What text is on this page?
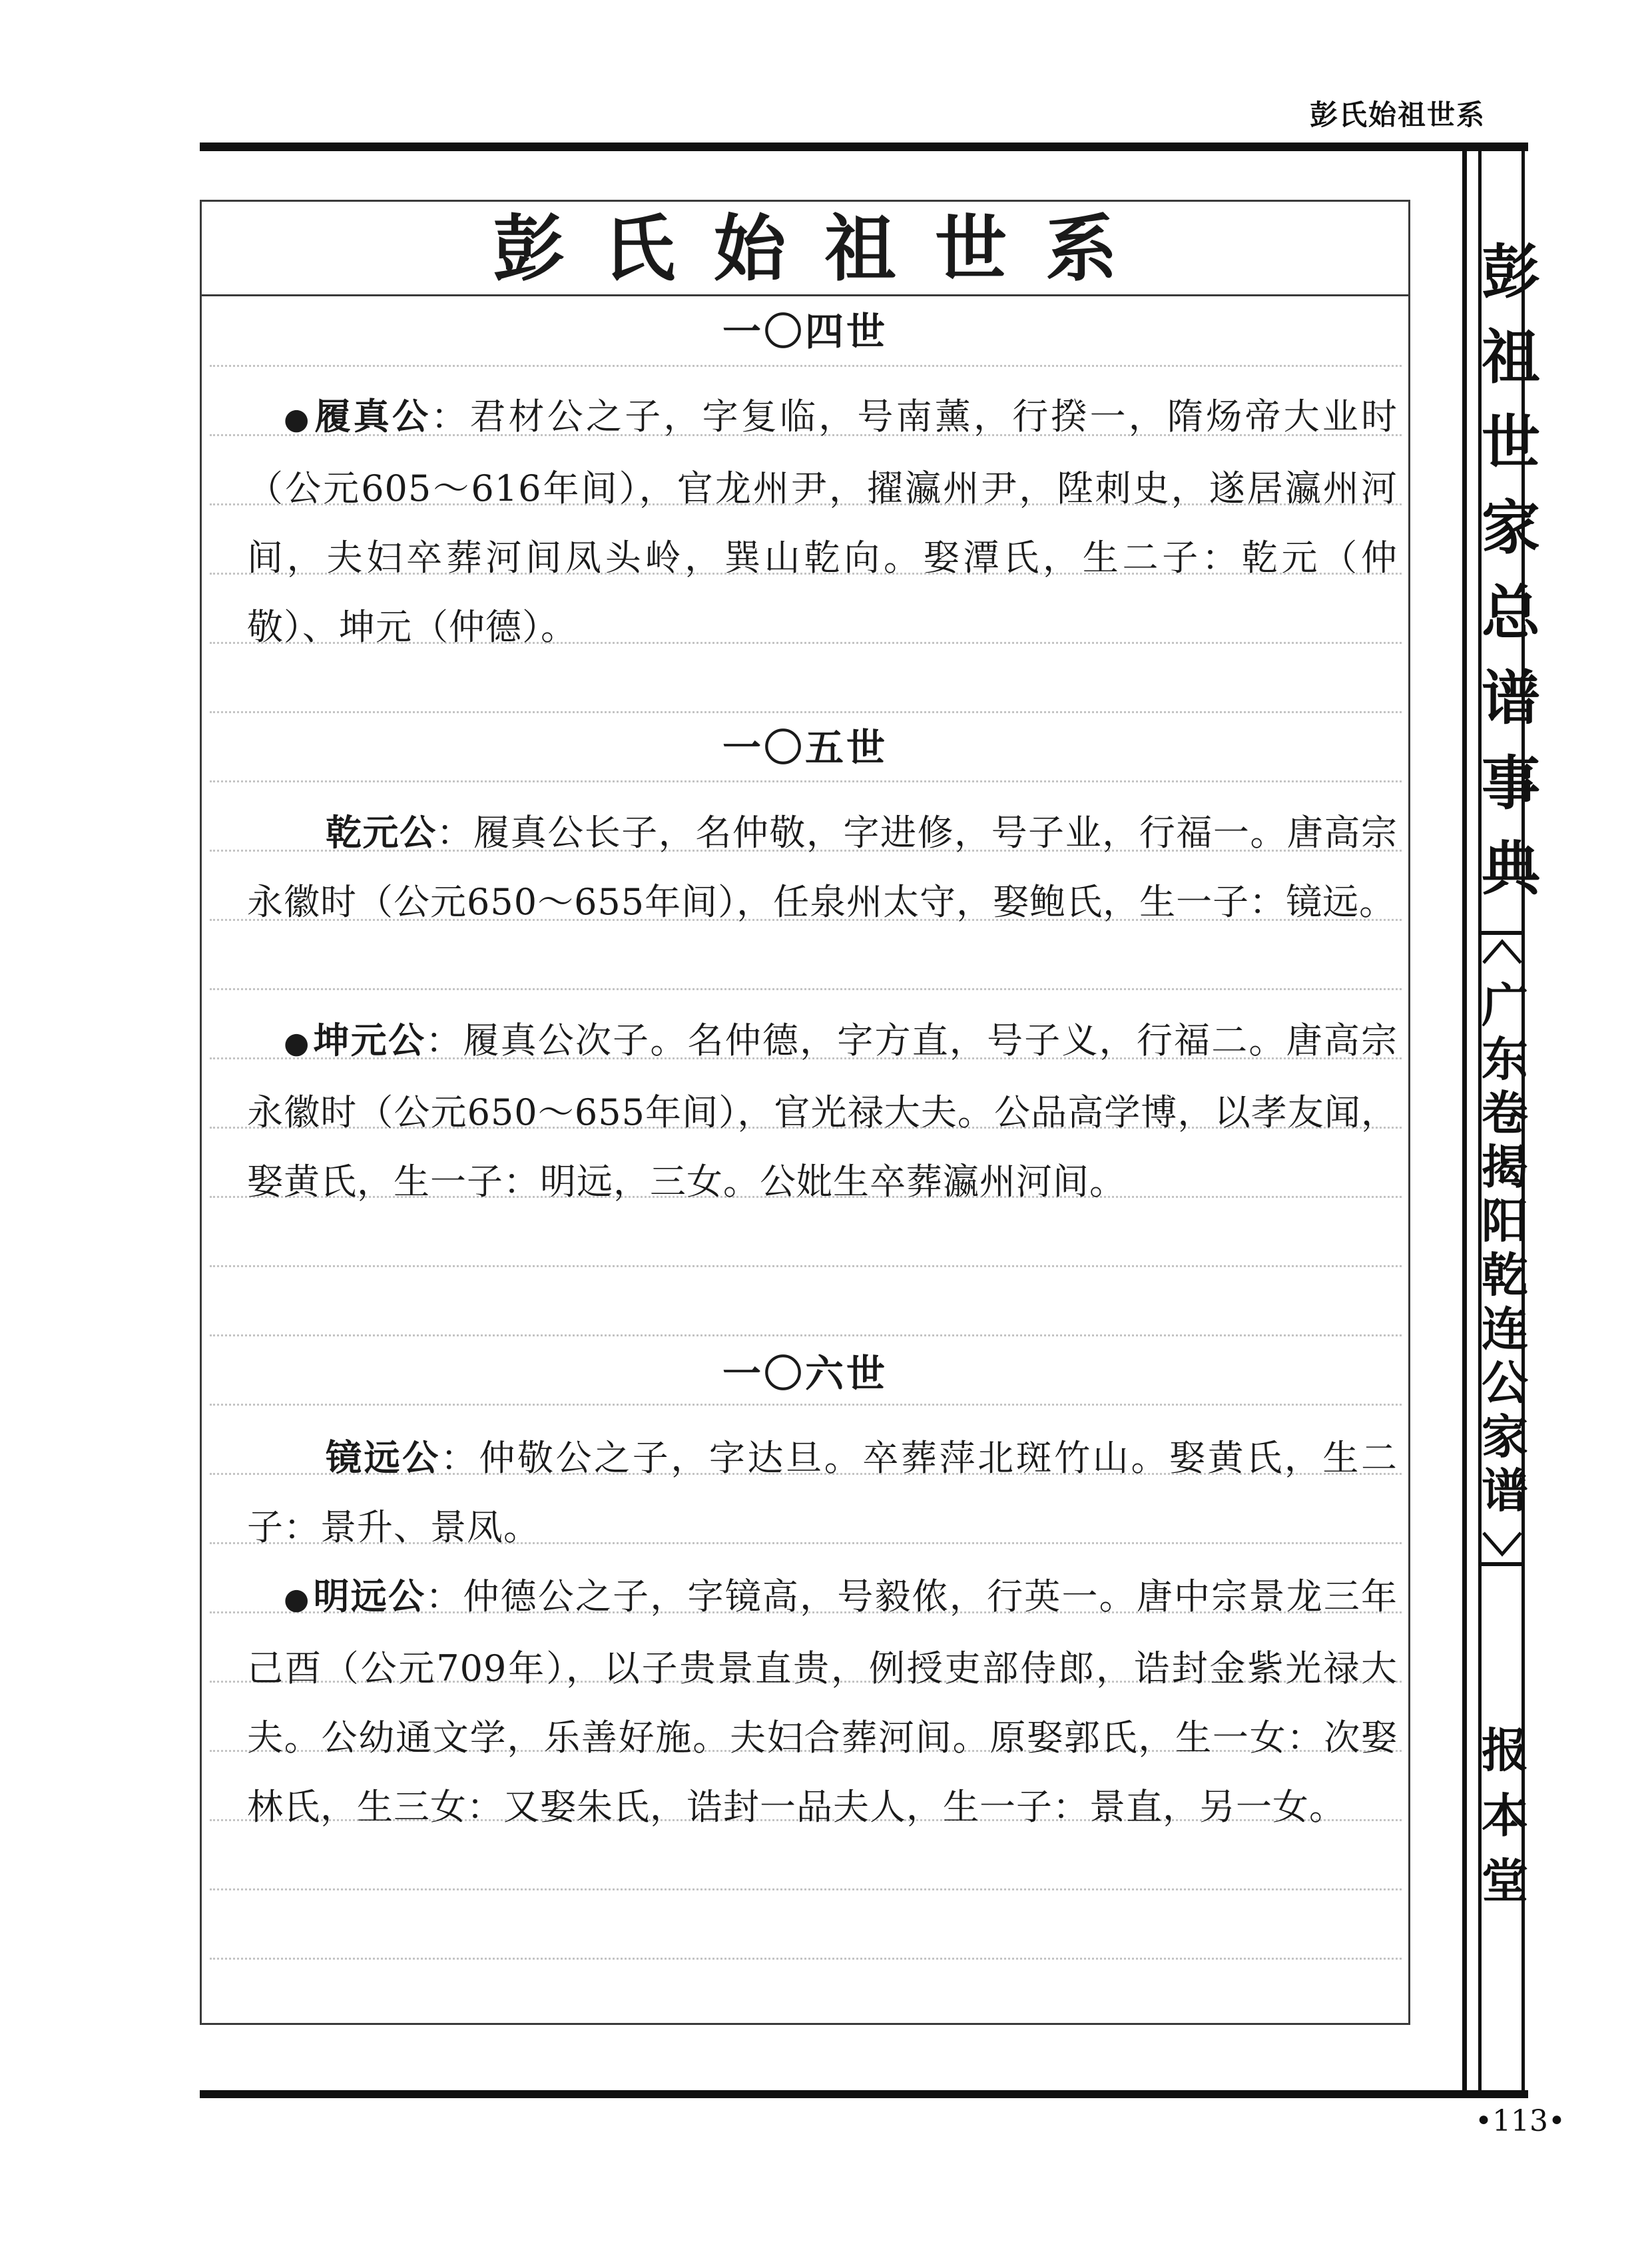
彭氏始祖世系

彭祖世家总谱事典

广东卷揭阳乾连公家谱

报本堂

彭氏始祖世系
一〇四世

●履真公：君材公之子，字复临，号南薰，行揆一，隋炀帝大业时（公元605～616年间），官龙州尹，擢瀛州尹，陞刺史，遂居瀛州河间，夫妇卒葬河间凤头岭，巽山乾向。娶潭氏，生二子：乾元（仲敬）、坤元（仲德）。

一〇五世

乾元公：履真公长子，名仲敬，字进修，号子业，行福一。唐高宗永徽时（公元650～655年间），任泉州太守，娶鲍氏，生一子：镜远。

●坤元公：履真公次子。名仲德，字方直，号子义，行福二。唐高宗永徽时（公元650～655年间），官光禄大夫。公品高学博，以孝友闻，娶黄氏，生一子：明远，三女。公妣生卒葬瀛州河间。

一〇六世

镜远公：仲敬公之子，字达旦。卒葬萍北斑竹山。娶黄氏，生二子：景升、景凤。

●明远公：仲德公之子，字镜高，号毅侬，行英一。唐中宗景龙三年己酉（公元709年），以子贵景直贵，例授吏部侍郎，诰封金紫光禄大夫。公幼通文学，乐善好施。夫妇合葬河间。原娶郭氏，生一女：次娶林氏，生三女：又娶朱氏，诰封一品夫人，生一子：景直，另一女。

•113•
